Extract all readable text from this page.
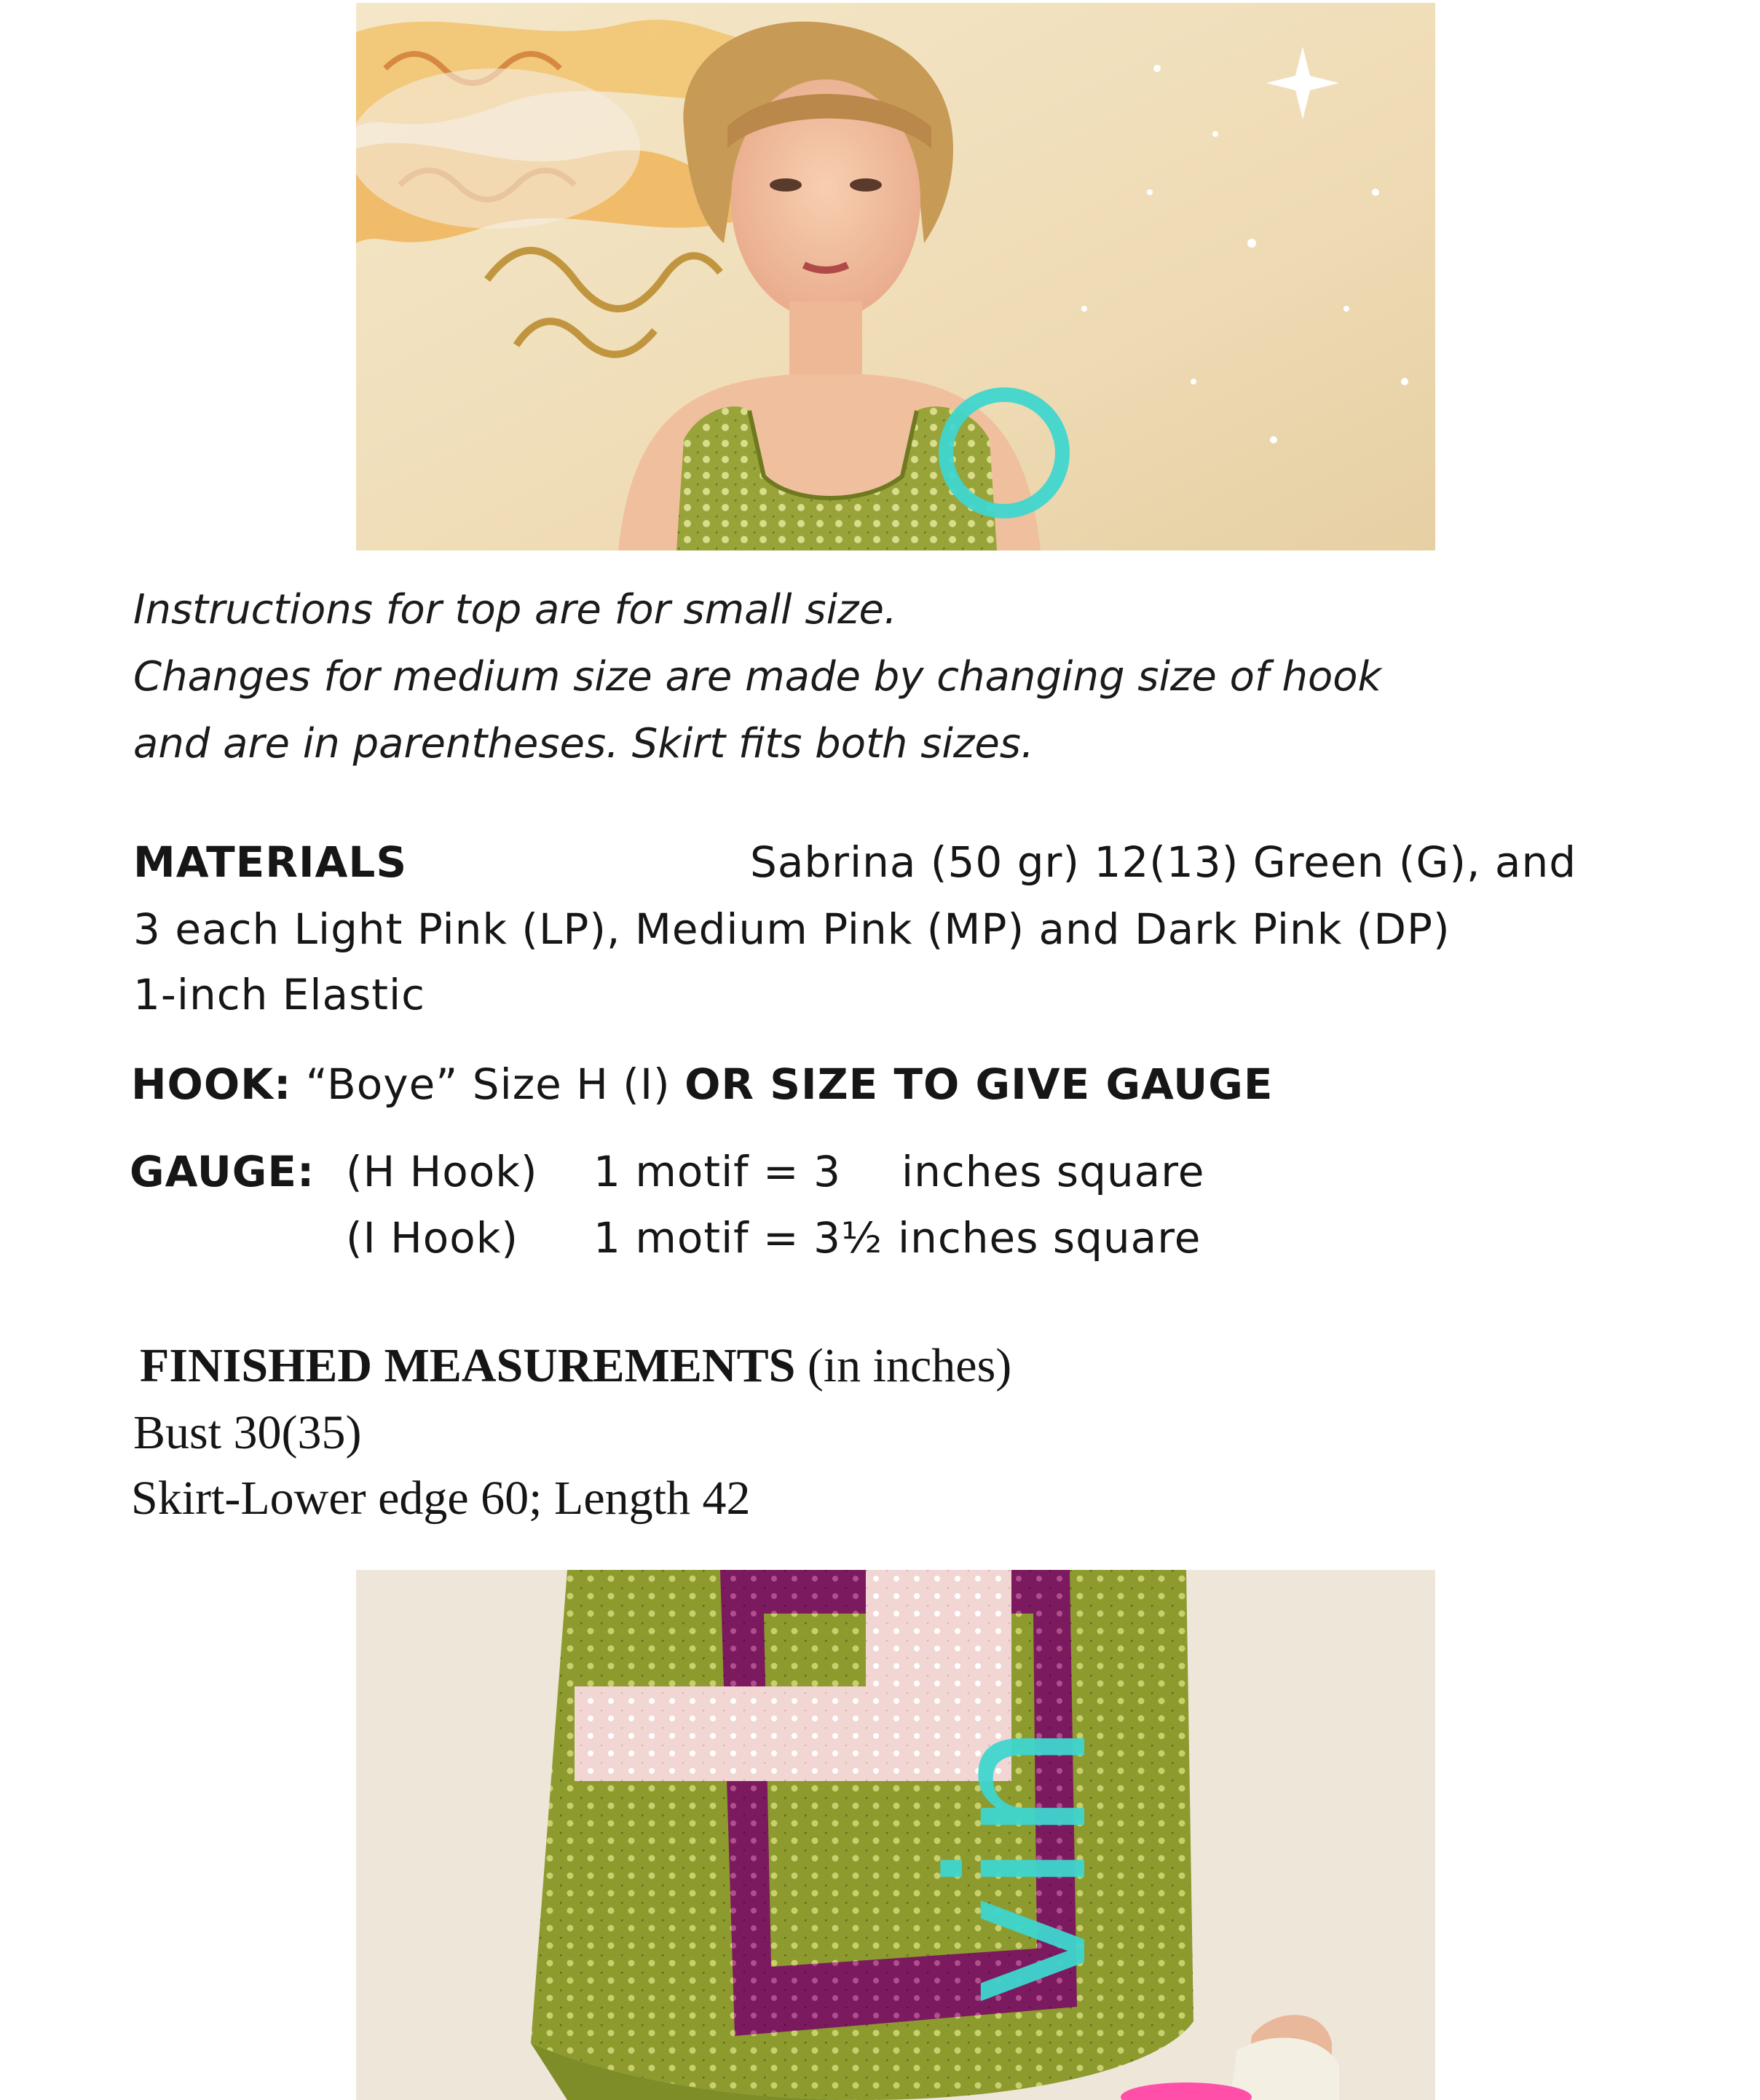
Instructions for top are for small size.
Changes for medium size are made by changing size of hook
and are in parentheses. Skirt fits both sizes.
MATERIALS	Sabrina (50 gr) 12(13) Green (G), and
3 each Light Pink (LP), Medium Pink (MP) and Dark Pink (DP)
1-inch Elastic
HOOK: “Boye” Size H (I) OR SIZE TO GIVE GAUGE
GAUGE: (H Hook) 1 motif = 3 inches square
(I Hook) 1 motif = 3½ inches square
FINISHED MEASUREMENTS (in inches)
Bust 30(35)
Skirt-Lower edge 60; Length 42
vin
